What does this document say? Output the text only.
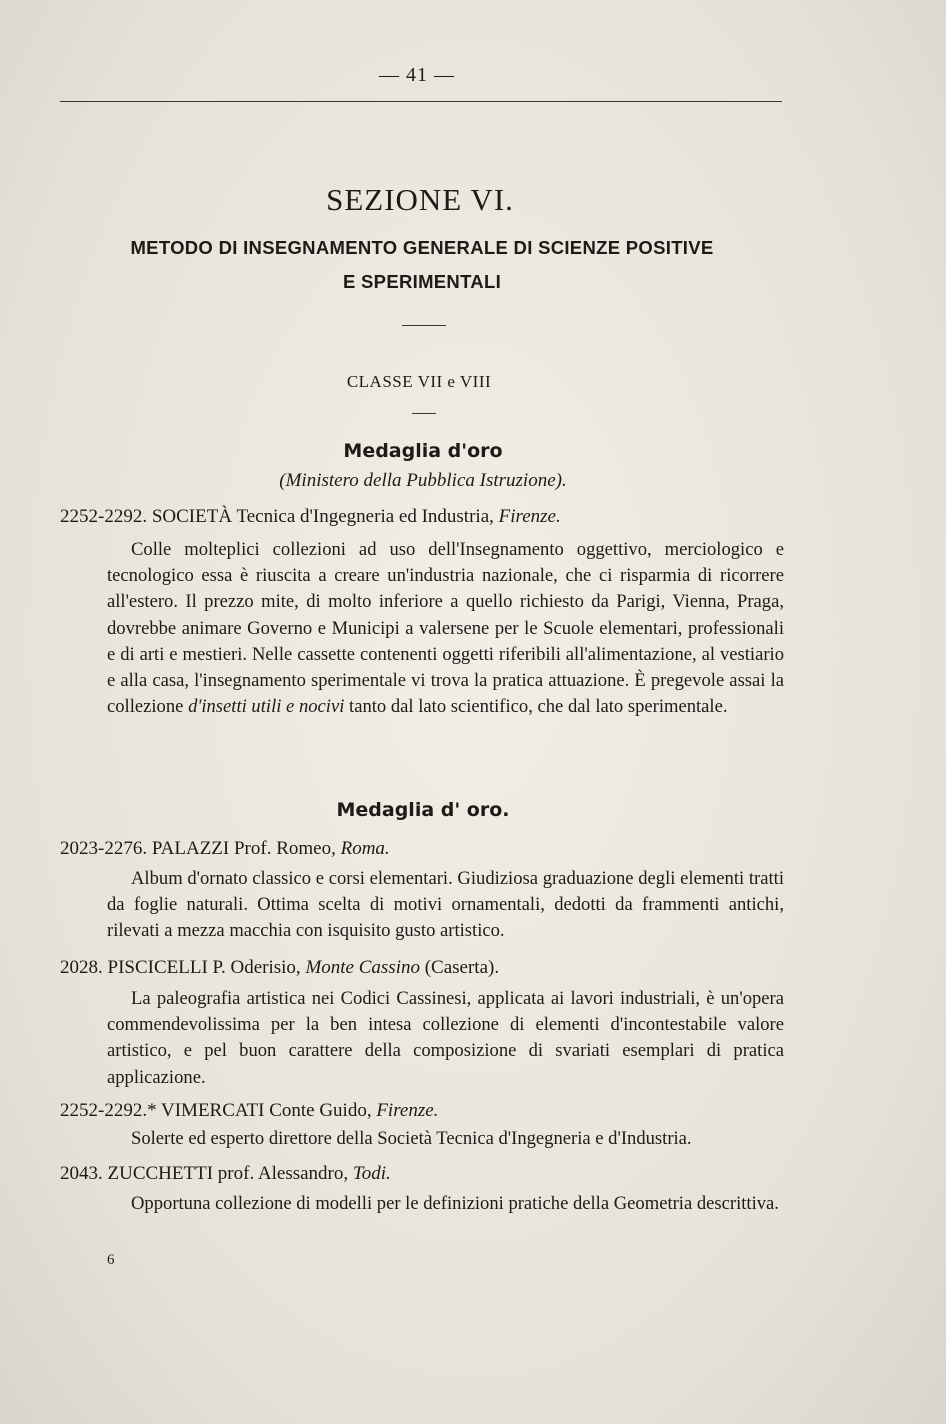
— 41 —
SEZIONE VI.
METODO DI INSEGNAMENTO GENERALE DI SCIENZE POSITIVE
E SPERIMENTALI
CLASSE VII e VIII
Medaglia d'oro
(Ministero della Pubblica Istruzione).
2252-2292. SOCIETÀ Tecnica d'Ingegneria ed Industria, Firenze.
Colle molteplici collezioni ad uso dell'Insegnamento oggettivo, merciologico e tecnologico essa è riuscita a creare un'industria nazionale, che ci risparmia di ricorrere all'estero. Il prezzo mite, di molto inferiore a quello richiesto da Parigi, Vienna, Praga, dovrebbe animare Governo e Municipi a valersene per le Scuole elementari, professionali e di arti e mestieri. Nelle cassette contenenti oggetti riferibili all'alimentazione, al vestiario e alla casa, l'insegnamento sperimentale vi trova la pratica attuazione. È pregevole assai la collezione d'insetti utili e nocivi tanto dal lato scientifico, che dal lato sperimentale.
Medaglia d' oro.
2023-2276. PALAZZI Prof. Romeo, Roma.
Album d'ornato classico e corsi elementari. Giudiziosa graduazione degli elementi tratti da foglie naturali. Ottima scelta di motivi ornamentali, dedotti da frammenti antichi, rilevati a mezza macchia con isquisito gusto artistico.
2028. PISCICELLI P. Oderisio, Monte Cassino (Caserta).
La paleografia artistica nei Codici Cassinesi, applicata ai lavori industriali, è un'opera commendevolissima per la ben intesa collezione di elementi d'incontestabile valore artistico, e pel buon carattere della composizione di svariati esemplari di pratica applicazione.
2252-2292.* VIMERCATI Conte Guido, Firenze.
Solerte ed esperto direttore della Società Tecnica d'Ingegneria e d'Industria.
2043. ZUCCHETTI prof. Alessandro, Todi.
Opportuna collezione di modelli per le definizioni pratiche della Geometria descrittiva.
6
